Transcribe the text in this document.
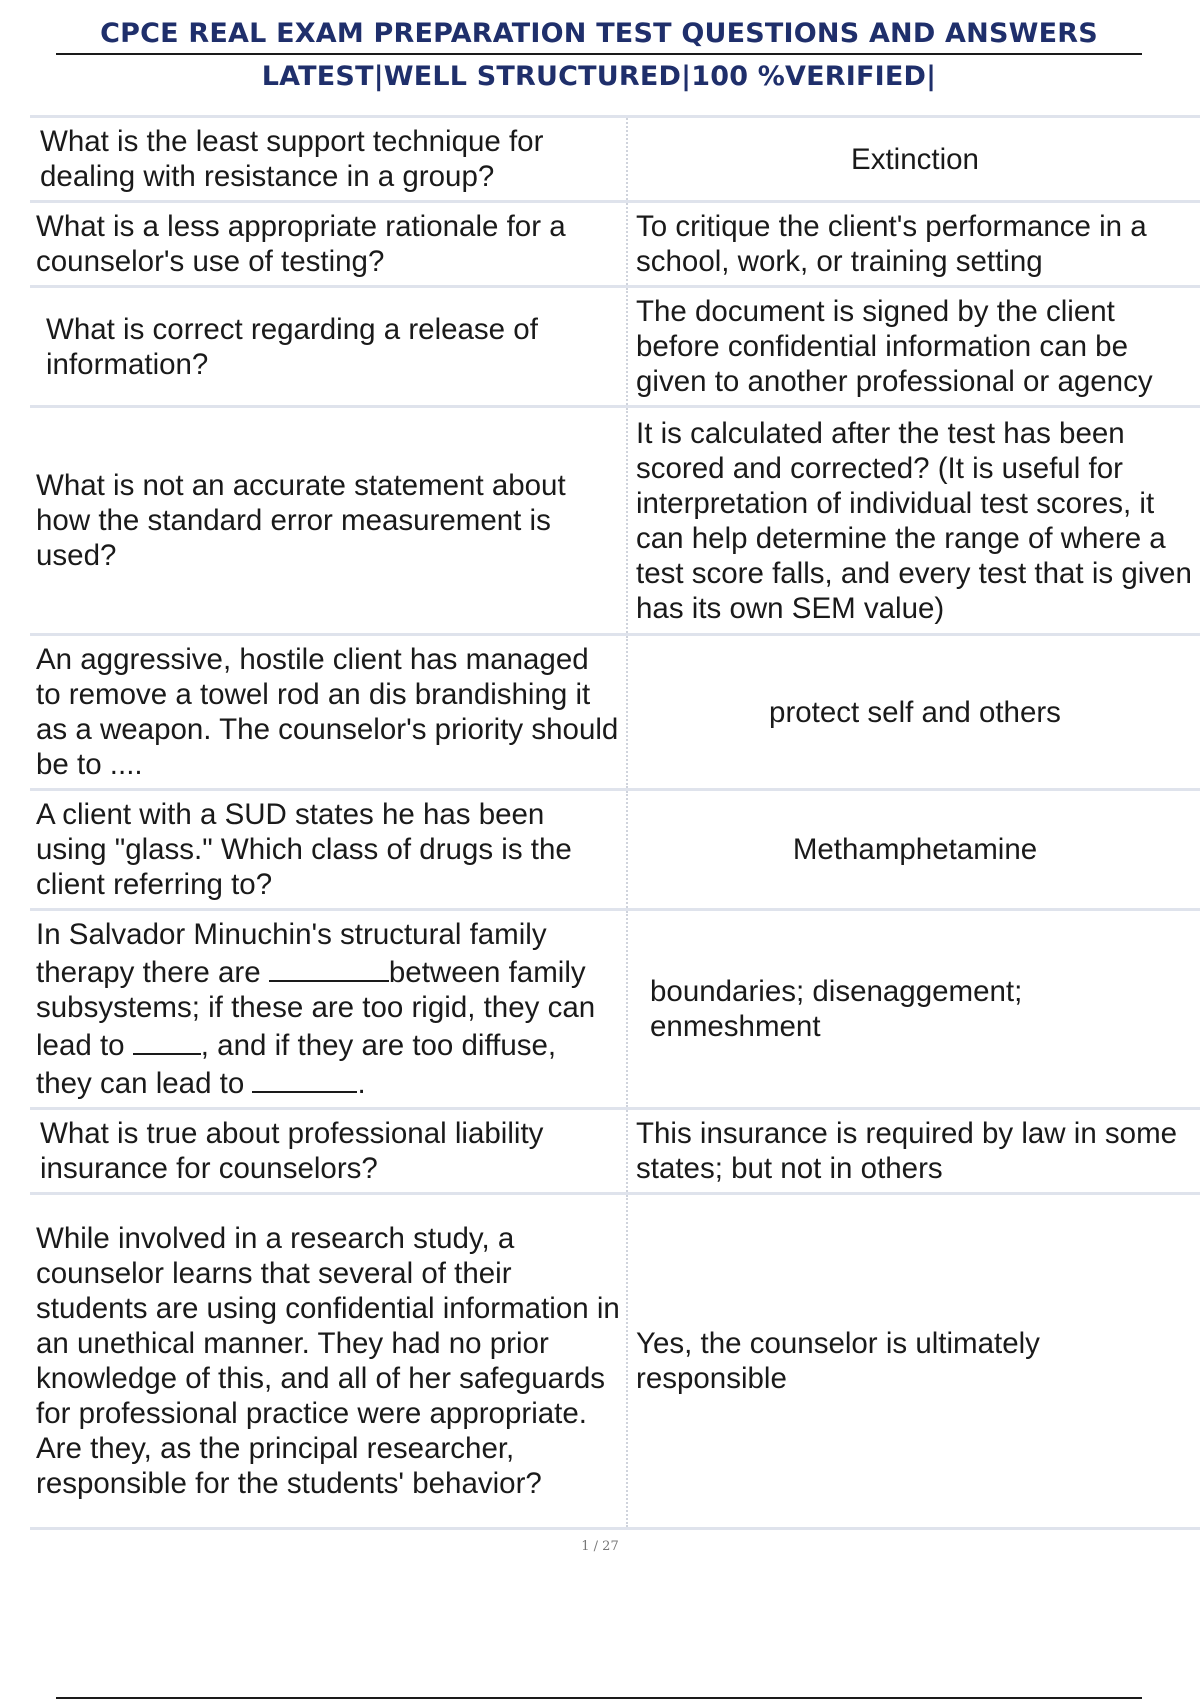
CPCE REAL EXAM PREPARATION TEST QUESTIONS AND ANSWERS
LATEST|WELL STRUCTURED|100 %VERIFIED|
What is the least support technique for dealing with resistance in a group?	Extinction
What is a less appropriate rationale for a counselor's use of testing?	To critique the client's performance in a school, work, or training setting
What is correct regarding a release of information?	The document is signed by the client before confidential information can be given to another professional or agency
What is not an accurate statement about how the standard error measurement is used?	It is calculated after the test has been scored and corrected? (It is useful for interpretation of individual test scores, it can help determine the range of where a test score falls, and every test that is given has its own SEM value)
An aggressive, hostile client has managed to remove a towel rod an dis brandishing it as a weapon. The counselor's priority should be to ....	protect self and others
A client with a SUD states he has been using "glass." Which class of drugs is the client referring to?	Methamphetamine
In Salvador Minuchin's structural family therapy there are between family subsystems; if these are too rigid, they can lead to , and if they are too diffuse, they can lead to .	boundaries; disenaggement; enmeshment
What is true about professional liability insurance for counselors?	This insurance is required by law in some states; but not in others
While involved in a research study, a counselor learns that several of their students are using confidential information in an unethical manner. They had no prior knowledge of this, and all of her safeguards for professional practice were appropriate. Are they, as the principal researcher, responsible for the students' behavior?	Yes, the counselor is ultimately responsible
1 / 27
